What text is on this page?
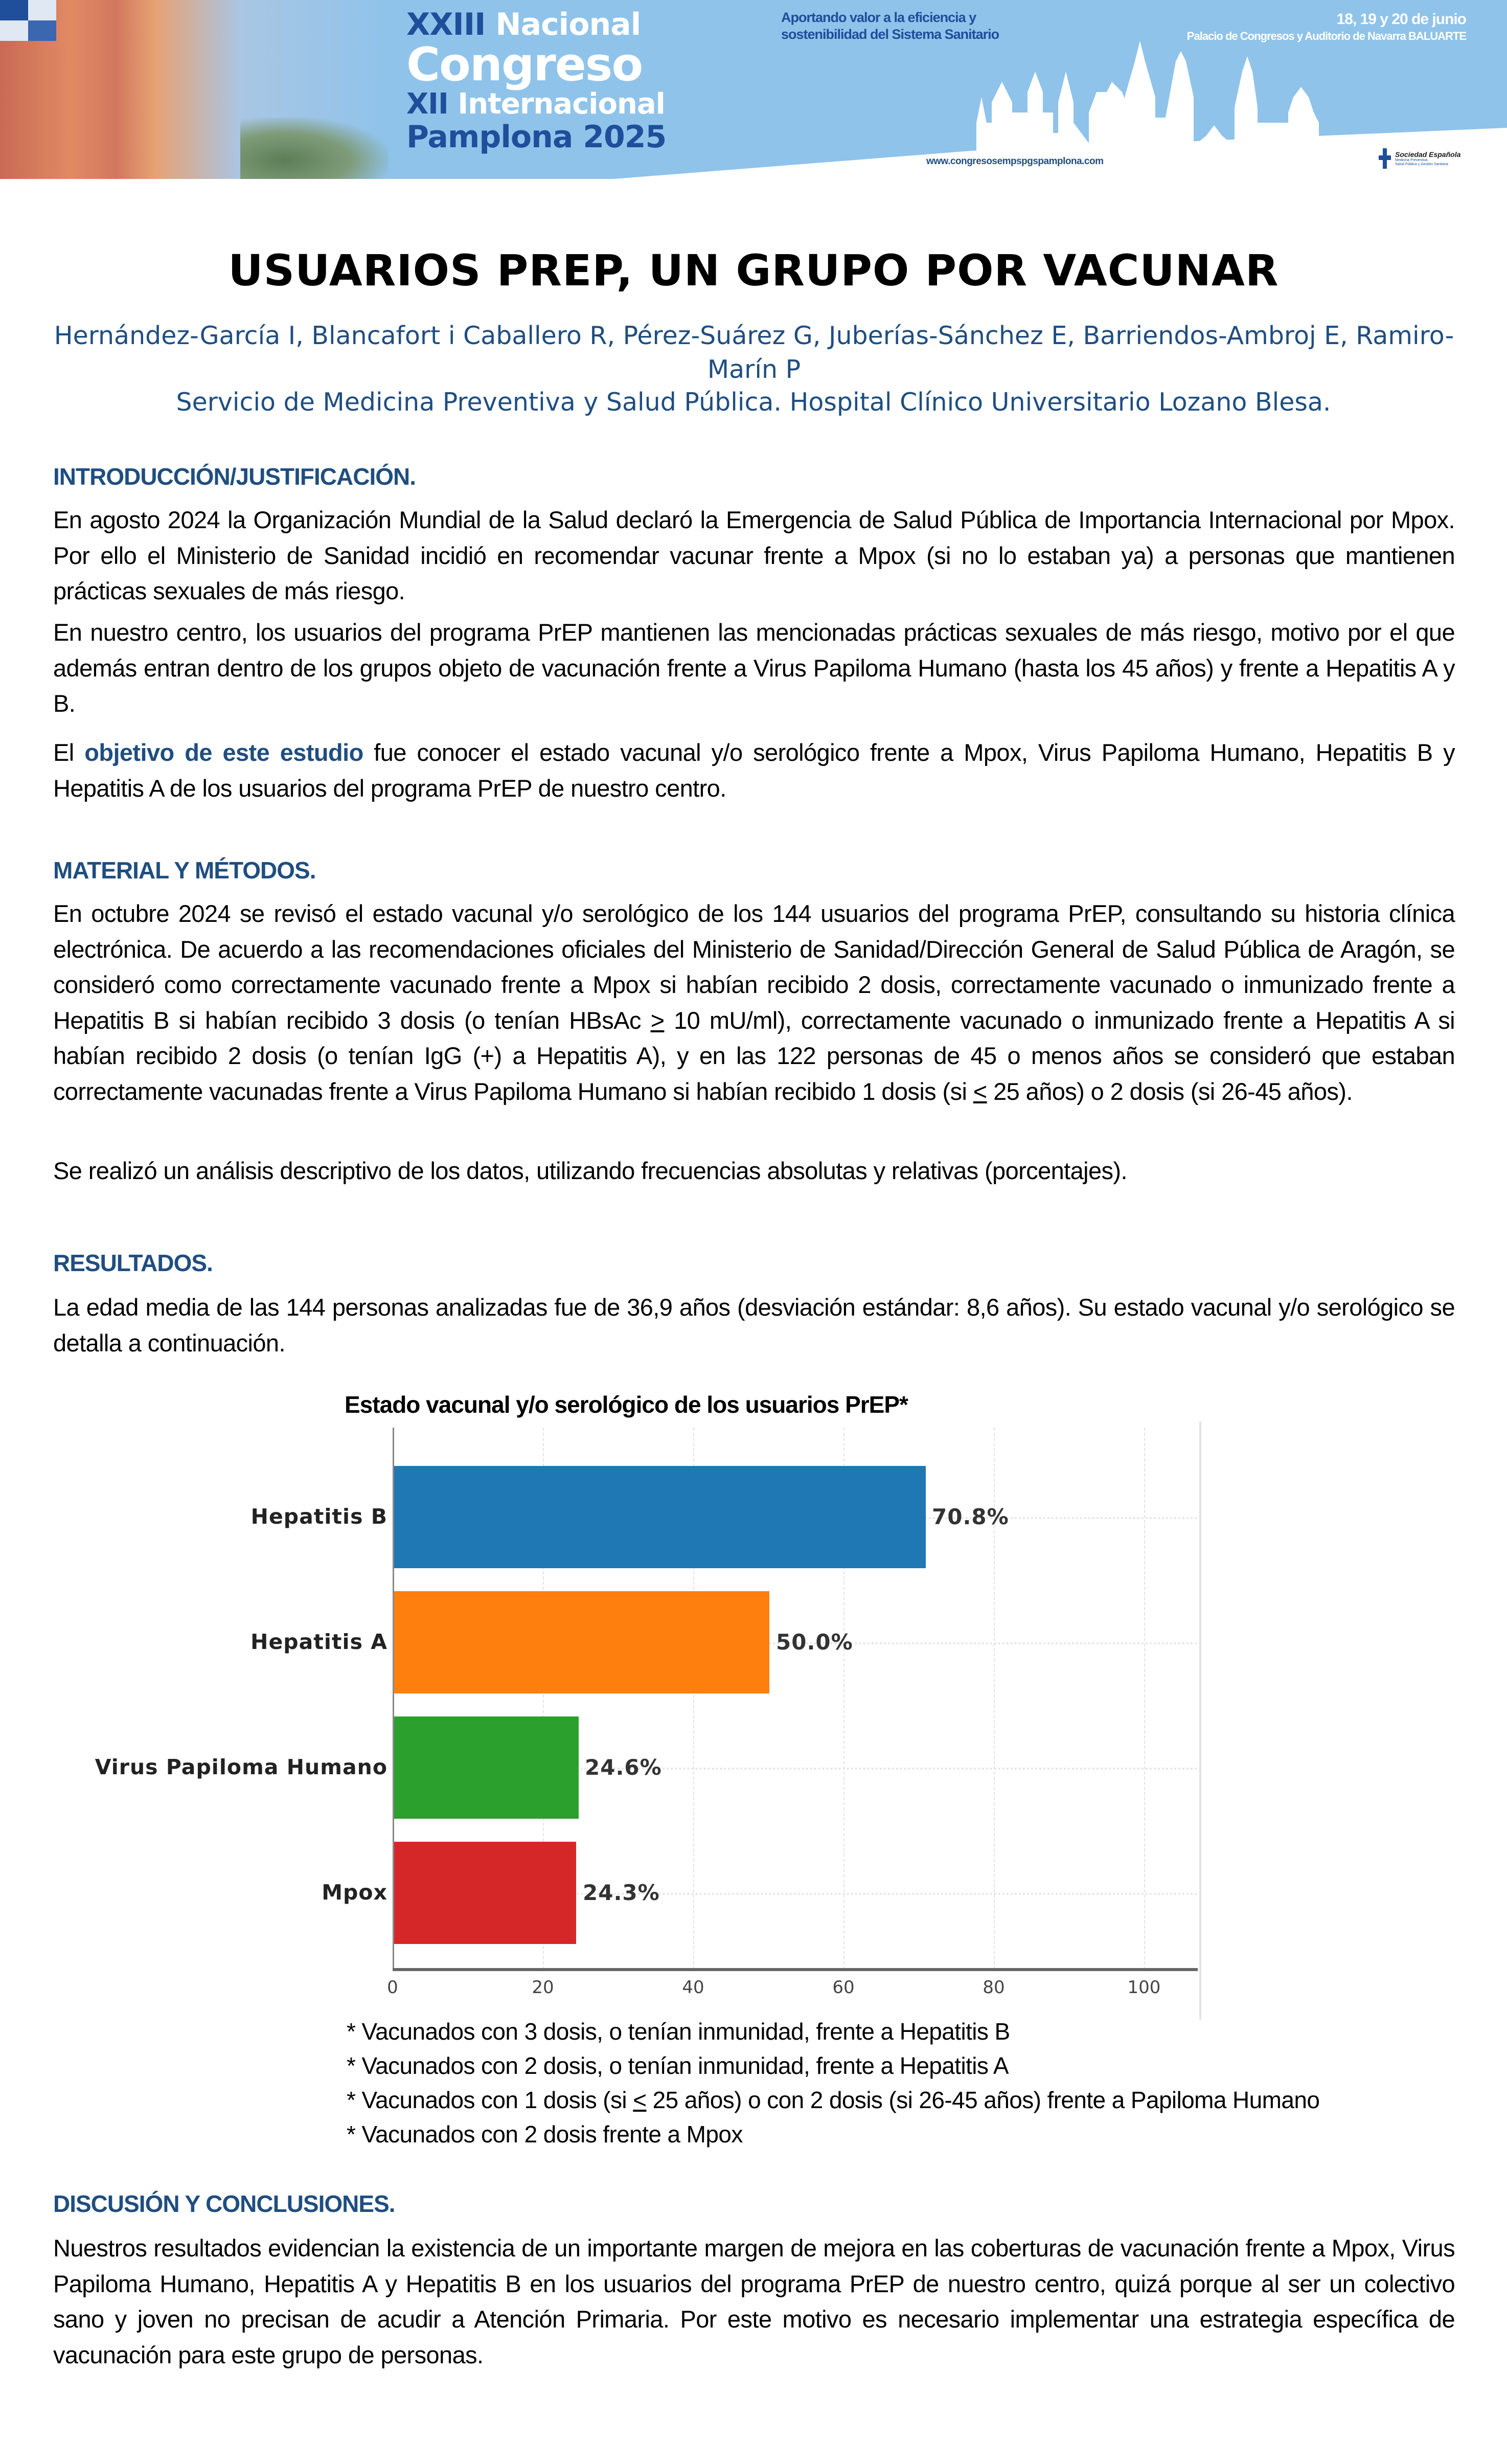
XXIII Nacional
Congreso
XII Internacional
Pamplona 2025
Aportando valor a la eficiencia y
sostenibilidad del Sistema Sanitario
18, 19 y 20 de junio
Palacio de Congresos y Auditorio de Navarra BALUARTE
www.congresosempspgspamplona.com
Sociedad Española
Medicina Preventiva,
Salud Pública y Gestión Sanitaria
USUARIOS PREP, UN GRUPO POR VACUNAR
Hernández-García I, Blancafort i Caballero R, Pérez-Suárez G, Juberías-Sánchez E, Barriendos-Ambroj E, Ramiro-Marín P
Servicio de Medicina Preventiva y Salud Pública. Hospital Clínico Universitario Lozano Blesa.
INTRODUCCIÓN/JUSTIFICACIÓN.
En agosto 2024 la Organización Mundial de la Salud declaró la Emergencia de Salud Pública de Importancia Internacional por Mpox. Por ello el Ministerio de Sanidad incidió en recomendar vacunar frente a Mpox (si no lo estaban ya) a personas que mantienen prácticas sexuales de más riesgo.
En nuestro centro, los usuarios del programa PrEP mantienen las mencionadas prácticas sexuales de más riesgo, motivo por el que además entran dentro de los grupos objeto de vacunación frente a Virus Papiloma Humano (hasta los 45 años) y frente a Hepatitis A y B.
El objetivo de este estudio fue conocer el estado vacunal y/o serológico frente a Mpox, Virus Papiloma Humano, Hepatitis B y Hepatitis A de los usuarios del programa PrEP de nuestro centro.
MATERIAL Y MÉTODOS.
En octubre 2024 se revisó el estado vacunal y/o serológico de los 144 usuarios del programa PrEP, consultando su historia clínica electrónica. De acuerdo a las recomendaciones oficiales del Ministerio de Sanidad/Dirección General de Salud Pública de Aragón, se consideró como correctamente vacunado frente a Mpox si habían recibido 2 dosis, correctamente vacunado o inmunizado frente a Hepatitis B si habían recibido 3 dosis (o tenían HBsAc ≥ 10 mU/ml), correctamente vacunado o inmunizado frente a Hepatitis A si habían recibido 2 dosis (o tenían IgG (+) a Hepatitis A), y en las 122 personas de 45 o menos años se consideró que estaban correctamente vacunadas frente a Virus Papiloma Humano si habían recibido 1 dosis (si ≤ 25 años) o 2 dosis (si 26-45 años).
Se realizó un análisis descriptivo de los datos, utilizando frecuencias absolutas y relativas (porcentajes).
RESULTADOS.
La edad media de las 144 personas analizadas fue de 36,9 años (desviación estándar: 8,6 años). Su estado vacunal y/o serológico se detalla a continuación.
Estado vacunal y/o serológico de los usuarios PrEP*
70.8%
50.0%
24.6%
24.3%
Hepatitis B
Hepatitis A
Virus Papiloma Humano
Mpox
0	20	40	60	80	100
* Vacunados con 3 dosis, o tenían inmunidad, frente a Hepatitis B
* Vacunados con 2 dosis, o tenían inmunidad, frente a Hepatitis A
* Vacunados con 1 dosis (si ≤ 25 años) o con 2 dosis (si 26-45 años) frente a Papiloma Humano
* Vacunados con 2 dosis frente a Mpox
DISCUSIÓN Y CONCLUSIONES.
Nuestros resultados evidencian la existencia de un importante margen de mejora en las coberturas de vacunación frente a Mpox, Virus Papiloma Humano, Hepatitis A y Hepatitis B en los usuarios del programa PrEP de nuestro centro, quizá porque al ser un colectivo sano y joven no precisan de acudir a Atención Primaria. Por este motivo es necesario implementar una estrategia específica de vacunación para este grupo de personas.
